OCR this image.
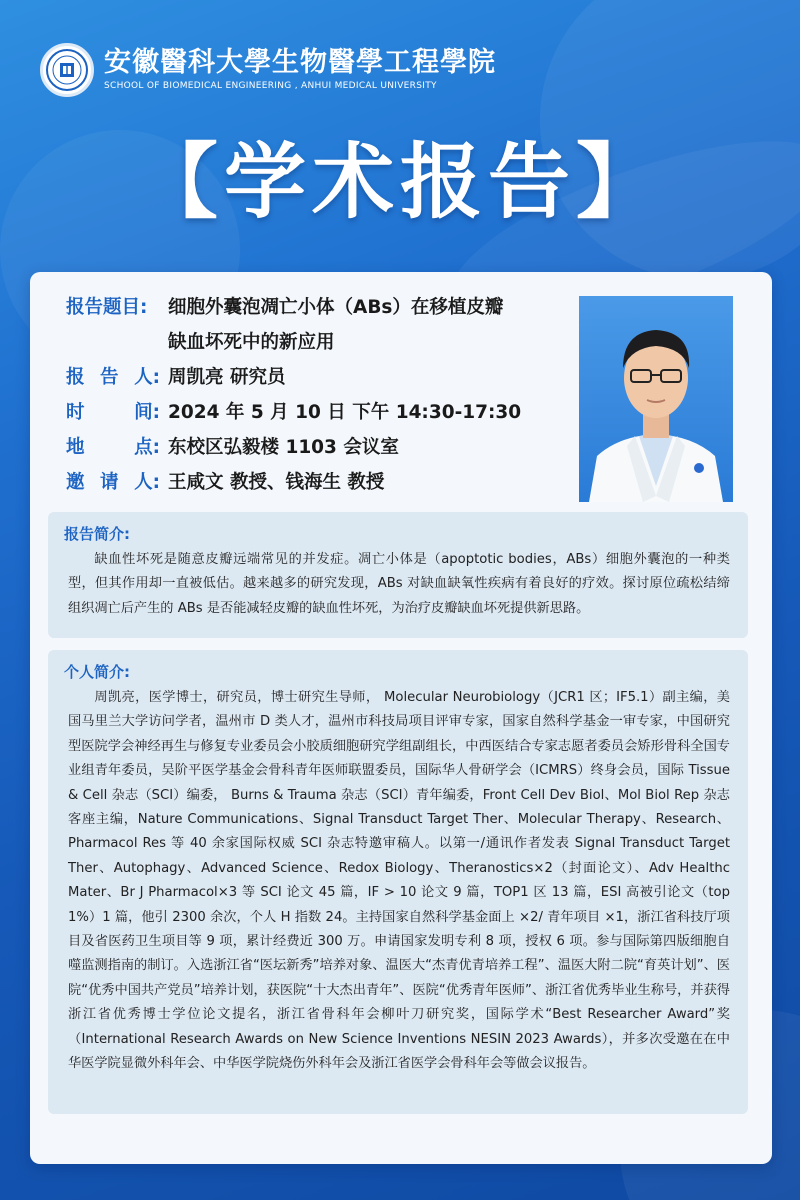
安徽醫科大學生物醫學工程學院
SCHOOL OF BIOMEDICAL ENGINEERING , ANHUI MEDICAL UNIVERSITY
【学术报告】
报告题目:	细胞外囊泡凋亡小体（ABs）在移植皮瓣
缺血坏死中的新应用
报 告 人: 周凯亮 研究员
时	间: 2024 年 5 月 10 日 下午 14:30-17:30
地	点: 东校区弘毅楼 1103 会议室
邀 请 人: 王咸文 教授、钱海生 教授
报告简介:
缺血性坏死是随意皮瓣远端常见的并发症。凋亡小体是（apoptotic bodies，ABs）细胞外囊泡的一种类型，但其作用却一直被低估。越来越多的研究发现，ABs 对缺血缺氧性疾病有着良好的疗效。探讨原位疏松结缔组织凋亡后产生的 ABs 是否能减轻皮瓣的缺血性坏死，为治疗皮瓣缺血坏死提供新思路。
个人简介:
周凯亮，医学博士，研究员，博士研究生导师， Molecular Neurobiology（JCR1 区；IF5.1）副主编，美国马里兰大学访问学者，温州市 D 类人才，温州市科技局项目评审专家，国家自然科学基金一审专家，中国研究型医院学会神经再生与修复专业委员会小胶质细胞研究学组副组长，中西医结合专家志愿者委员会矫形骨科全国专业组青年委员，吴阶平医学基金会骨科青年医师联盟委员，国际华人骨研学会（ICMRS）终身会员，国际 Tissue & Cell 杂志（SCI）编委， Burns & Trauma 杂志（SCI）青年编委，Front Cell Dev Biol、Mol Biol Rep 杂志客座主编，Nature Communications、Signal Transduct Target Ther、Molecular Therapy、Research、Pharmacol Res 等 40 余家国际权威 SCI 杂志特邀审稿人。以第一/通讯作者发表 Signal Transduct Target Ther、Autophagy、Advanced Science、Redox Biology、Theranostics×2（封面论文）、Adv Healthc Mater、Br J Pharmacol×3 等 SCI 论文 45 篇，IF > 10 论文 9 篇，TOP1 区 13 篇，ESI 高被引论文（top 1%）1 篇，他引 2300 余次，个人 H 指数 24。主持国家自然科学基金面上 ×2/ 青年项目 ×1，浙江省科技厅项目及省医药卫生项目等 9 项，累计经费近 300 万。申请国家发明专利 8 项，授权 6 项。参与国际第四版细胞自噬监测指南的制订。入选浙江省“医坛新秀”培养对象、温医大“杰青优青培养工程”、温医大附二院“育英计划”、医院“优秀中国共产党员”培养计划，获医院“十大杰出青年”、医院“优秀青年医师”、浙江省优秀毕业生称号，并获得浙江省优秀博士学位论文提名，浙江省骨科年会柳叶刀研究奖，国际学术“Best Researcher Award”奖（International Research Awards on New Science Inventions NESIN 2023 Awards），并多次受邀在在中华医学院显微外科年会、中华医学院烧伤外科年会及浙江省医学会骨科年会等做会议报告。
